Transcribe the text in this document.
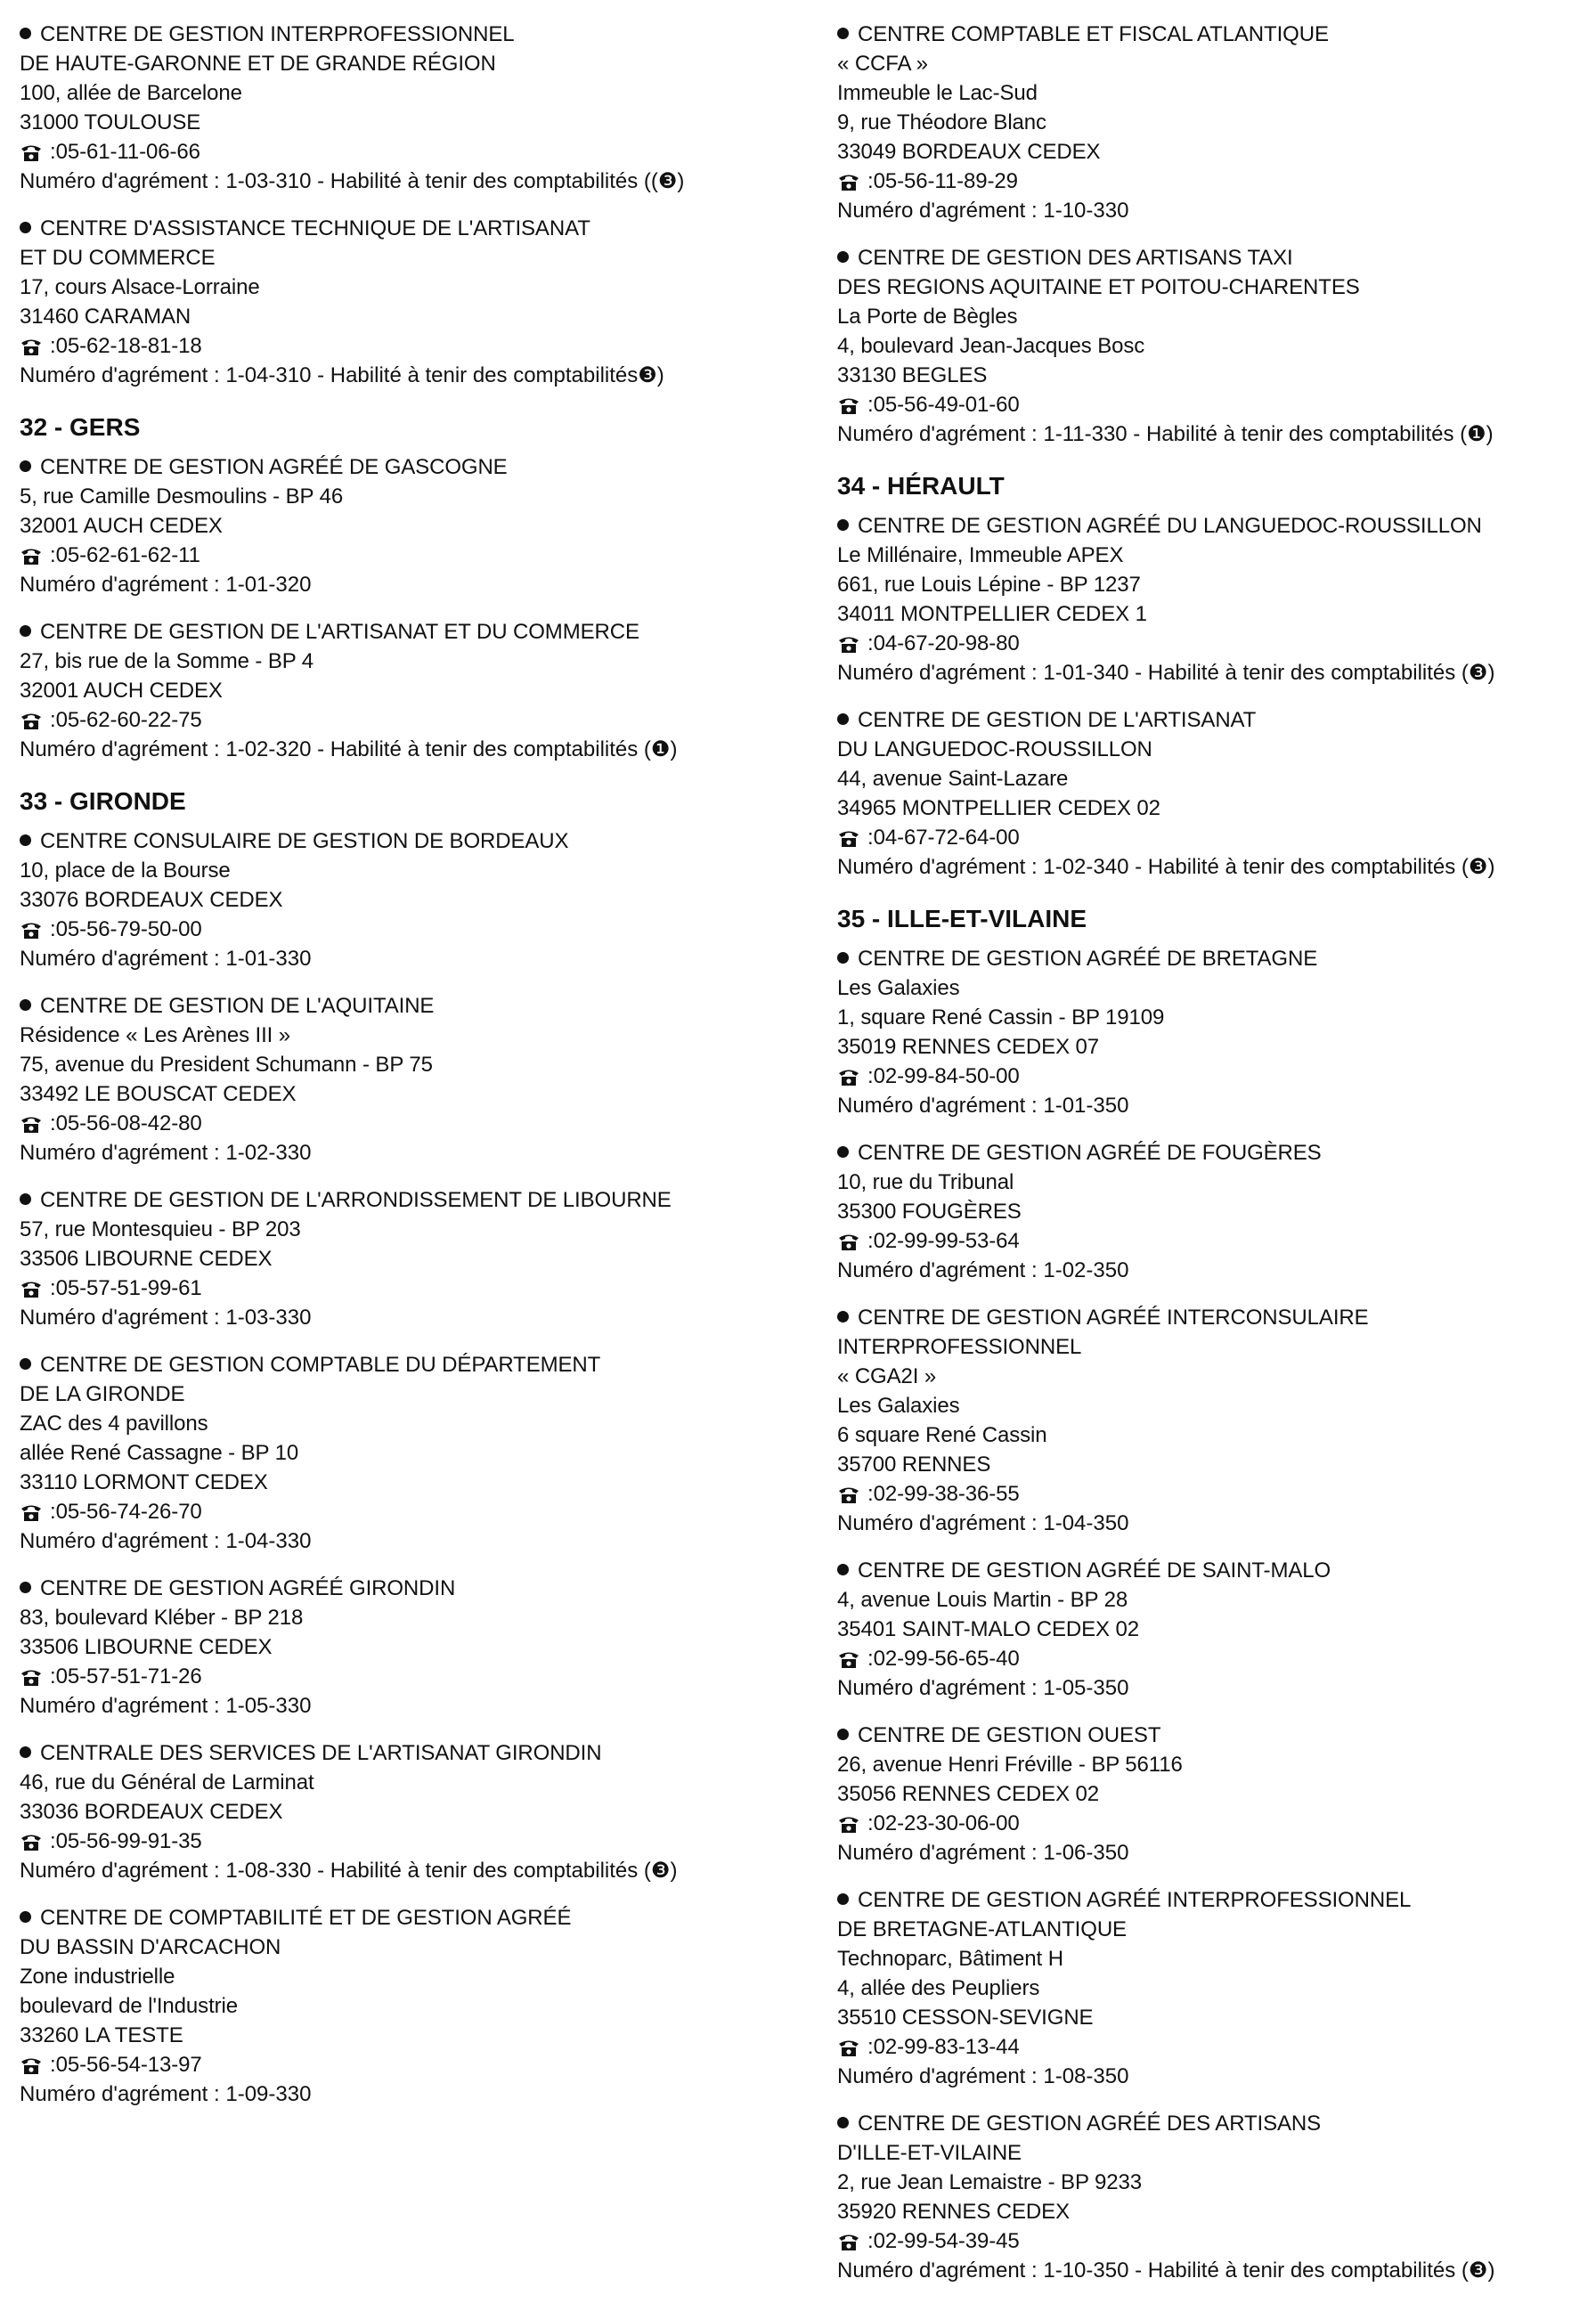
CENTRE DE GESTION INTERPROFESSIONNEL
DE HAUTE-GARONNE ET DE GRANDE RÉGION
100, allée de Barcelone
31000 TOULOUSE
: 05-61-11-06-66
Numéro d'agrément : 1-03-310 - Habilité à tenir des comptabilités ((❸)
CENTRE D'ASSISTANCE TECHNIQUE DE L'ARTISANAT
ET DU COMMERCE
17, cours Alsace-Lorraine
31460 CARAMAN
: 05-62-18-81-18
Numéro d'agrément : 1-04-310 - Habilité à tenir des comptabilités❸)
32 - GERS
CENTRE DE GESTION AGRÉÉ DE GASCOGNE
5, rue Camille Desmoulins - BP 46
32001 AUCH CEDEX
: 05-62-61-62-11
Numéro d'agrément : 1-01-320
CENTRE DE GESTION DE L'ARTISANAT ET DU COMMERCE
27, bis rue de la Somme - BP 4
32001 AUCH CEDEX
: 05-62-60-22-75
Numéro d'agrément : 1-02-320 - Habilité à tenir des comptabilités (❶)
33 - GIRONDE
CENTRE CONSULAIRE DE GESTION DE BORDEAUX
10, place de la Bourse
33076 BORDEAUX CEDEX
: 05-56-79-50-00
Numéro d'agrément : 1-01-330
CENTRE DE GESTION DE L'AQUITAINE
Résidence « Les Arènes III »
75, avenue du President Schumann - BP 75
33492 LE BOUSCAT CEDEX
: 05-56-08-42-80
Numéro d'agrément : 1-02-330
CENTRE DE GESTION DE L'ARRONDISSEMENT DE LIBOURNE
57, rue Montesquieu - BP 203
33506 LIBOURNE CEDEX
: 05-57-51-99-61
Numéro d'agrément : 1-03-330
CENTRE DE GESTION COMPTABLE DU DÉPARTEMENT
DE LA GIRONDE
ZAC des 4 pavillons
allée René Cassagne - BP 10
33110 LORMONT CEDEX
: 05-56-74-26-70
Numéro d'agrément : 1-04-330
CENTRE DE GESTION AGRÉÉ GIRONDIN
83, boulevard Kléber - BP 218
33506 LIBOURNE CEDEX
: 05-57-51-71-26
Numéro d'agrément : 1-05-330
CENTRALE DES SERVICES DE L'ARTISANAT GIRONDIN
46, rue du Général de Larminat
33036 BORDEAUX CEDEX
: 05-56-99-91-35
Numéro d'agrément : 1-08-330 - Habilité à tenir des comptabilités (❸)
CENTRE DE COMPTABILITÉ ET DE GESTION AGRÉÉ
DU BASSIN D'ARCACHON
Zone industrielle
boulevard de l'Industrie
33260 LA TESTE
: 05-56-54-13-97
Numéro d'agrément : 1-09-330
CENTRE COMPTABLE ET FISCAL ATLANTIQUE
« CCFA »
Immeuble le Lac-Sud
9, rue Théodore Blanc
33049 BORDEAUX CEDEX
: 05-56-11-89-29
Numéro d'agrément : 1-10-330
CENTRE DE GESTION DES ARTISANS TAXI
DES REGIONS AQUITAINE ET POITOU-CHARENTES
La Porte de Bègles
4, boulevard Jean-Jacques Bosc
33130 BEGLES
: 05-56-49-01-60
Numéro d'agrément : 1-11-330 - Habilité à tenir des comptabilités (❶)
34 - HÉRAULT
CENTRE DE GESTION AGRÉÉ DU LANGUEDOC-ROUSSILLON
Le Millénaire, Immeuble APEX
661, rue Louis Lépine - BP 1237
34011 MONTPELLIER CEDEX 1
: 04-67-20-98-80
Numéro d'agrément : 1-01-340 - Habilité à tenir des comptabilités (❸)
CENTRE DE GESTION DE L'ARTISANAT
DU LANGUEDOC-ROUSSILLON
44, avenue Saint-Lazare
34965 MONTPELLIER CEDEX 02
: 04-67-72-64-00
Numéro d'agrément : 1-02-340 - Habilité à tenir des comptabilités (❸)
35 - ILLE-ET-VILAINE
CENTRE DE GESTION AGRÉÉ DE BRETAGNE
Les Galaxies
1, square René Cassin - BP 19109
35019 RENNES CEDEX 07
: 02-99-84-50-00
Numéro d'agrément : 1-01-350
CENTRE DE GESTION AGRÉÉ DE FOUGÈRES
10, rue du Tribunal
35300 FOUGÈRES
: 02-99-99-53-64
Numéro d'agrément : 1-02-350
CENTRE DE GESTION AGRÉÉ INTERCONSULAIRE
INTERPROFESSIONNEL
« CGA2I »
Les Galaxies
6 square René Cassin
35700 RENNES
: 02-99-38-36-55
Numéro d'agrément : 1-04-350
CENTRE DE GESTION AGRÉÉ DE SAINT-MALO
4, avenue Louis Martin - BP 28
35401 SAINT-MALO CEDEX 02
: 02-99-56-65-40
Numéro d'agrément : 1-05-350
CENTRE DE GESTION OUEST
26, avenue Henri Fréville - BP 56116
35056 RENNES CEDEX 02
: 02-23-30-06-00
Numéro d'agrément : 1-06-350
CENTRE DE GESTION AGRÉÉ INTERPROFESSIONNEL
DE BRETAGNE-ATLANTIQUE
Technoparc, Bâtiment H
4, allée des Peupliers
35510 CESSON-SEVIGNE
: 02-99-83-13-44
Numéro d'agrément : 1-08-350
CENTRE DE GESTION AGRÉÉ DES ARTISANS
D'ILLE-ET-VILAINE
2, rue Jean Lemaistre - BP 9233
35920 RENNES CEDEX
: 02-99-54-39-45
Numéro d'agrément : 1-10-350 - Habilité à tenir des comptabilités (❸)
